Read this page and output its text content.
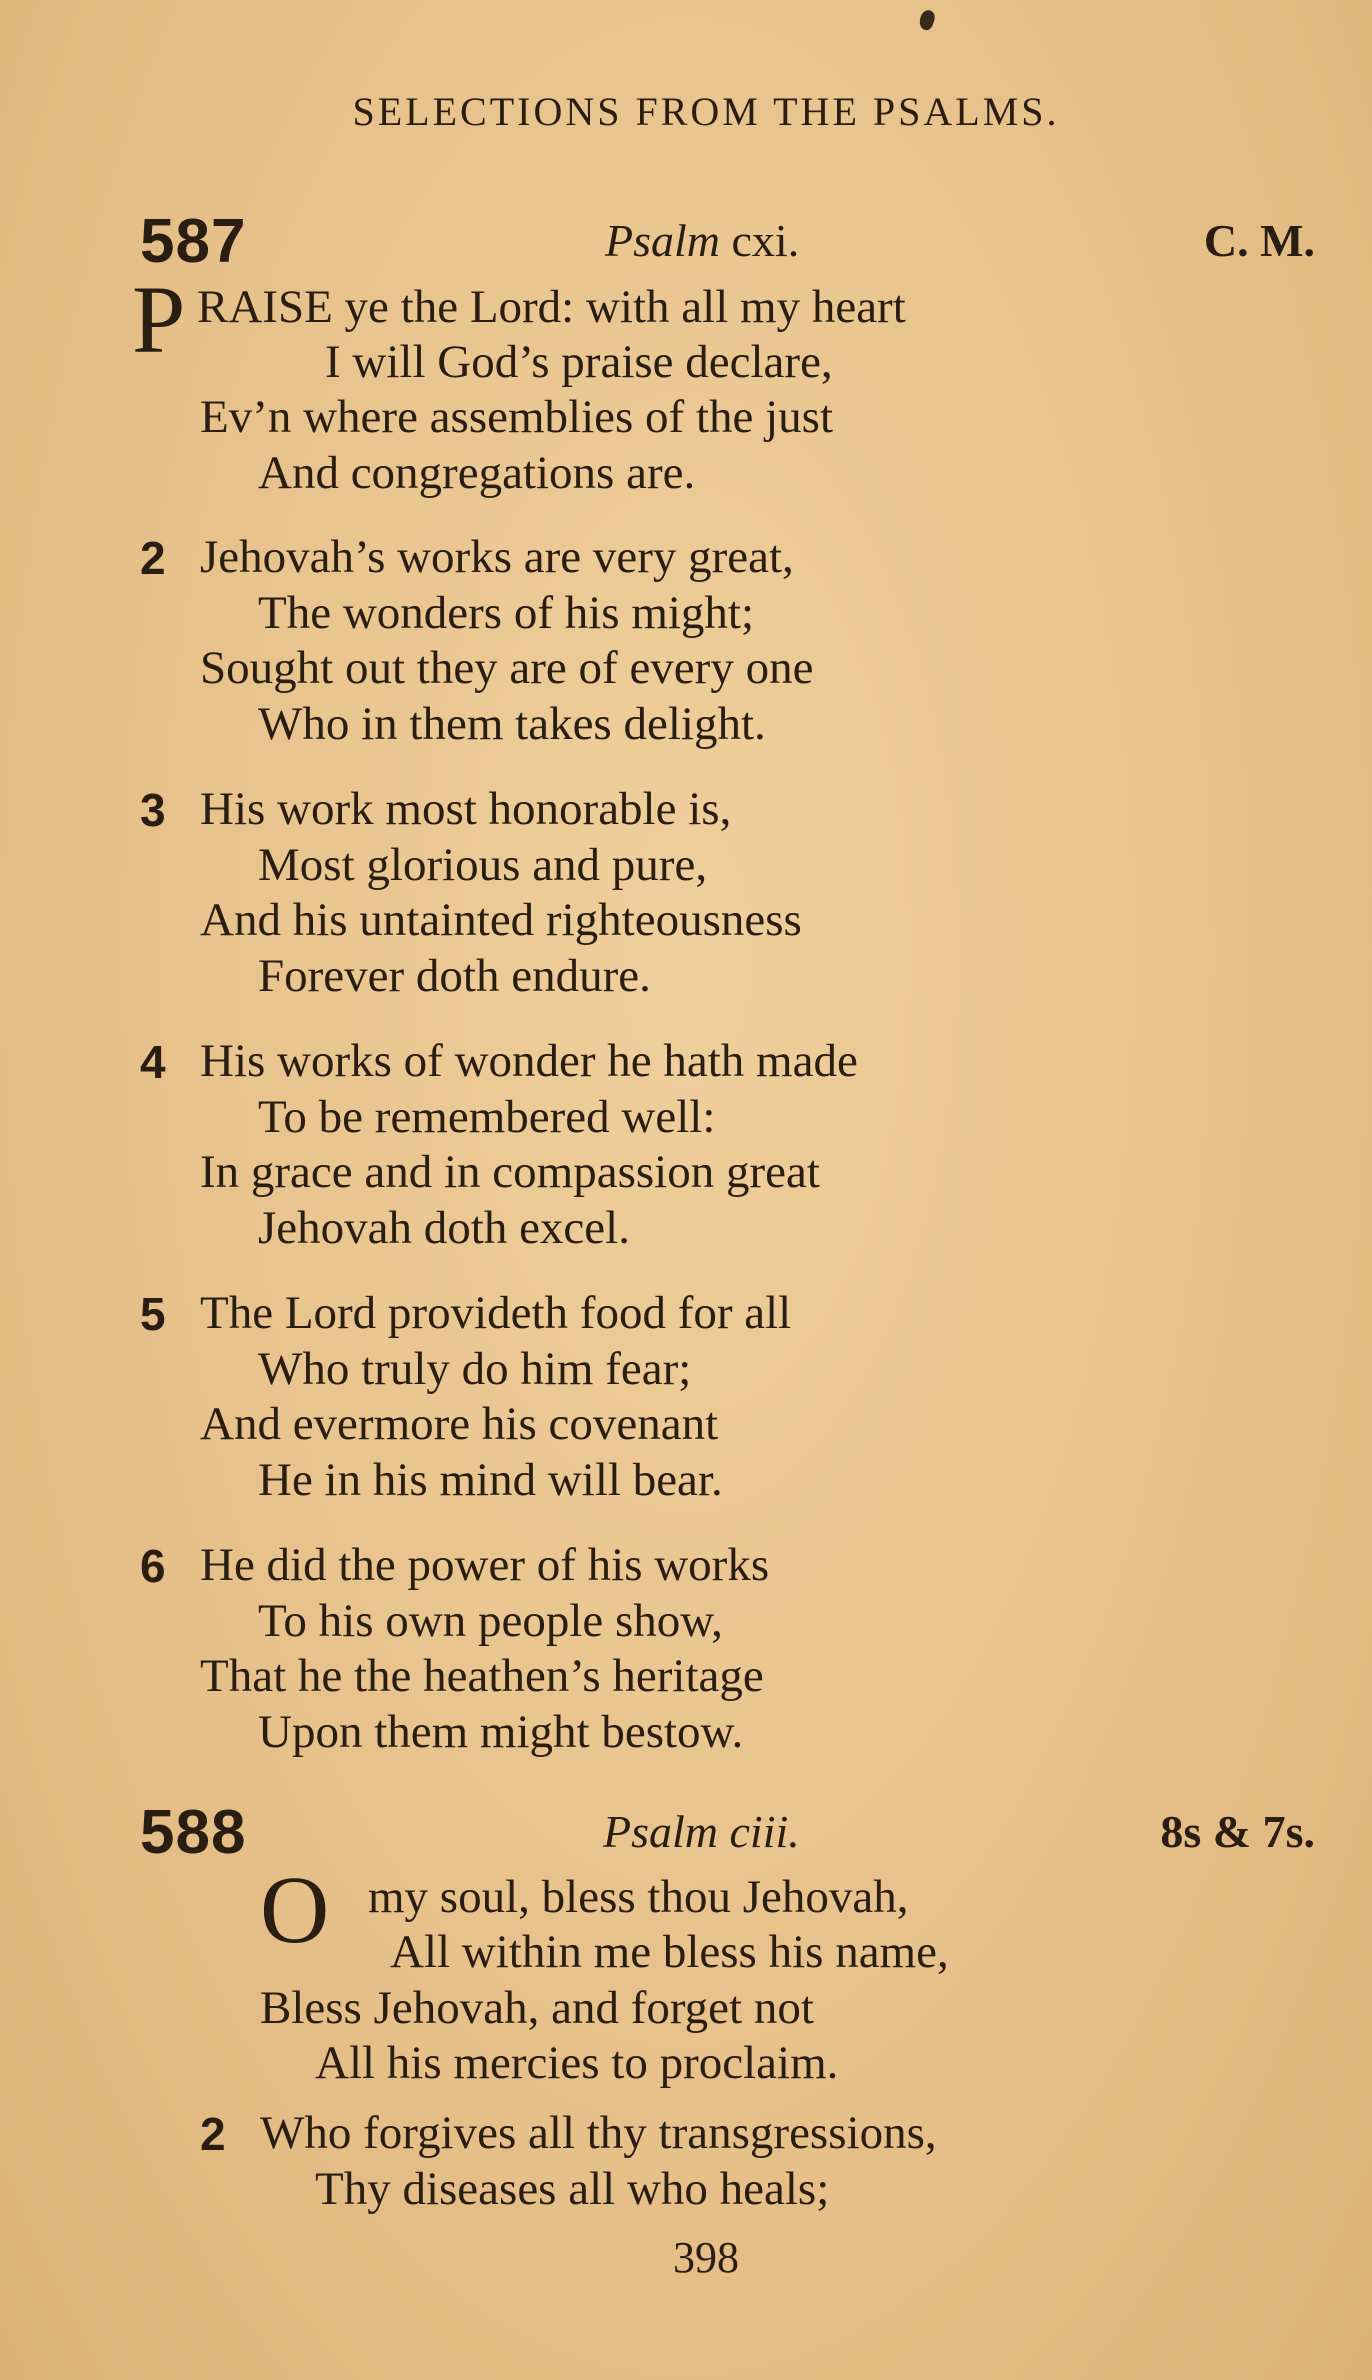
SELECTIONS FROM THE PSALMS.
587	Psalm cxi.	C. M.
P RAISE ye the Lord: with all my heart
I will God’s praise declare,
Ev’n where assemblies of the just
And congregations are.
2 Jehovah’s works are very great,
The wonders of his might;
Sought out they are of every one
Who in them takes delight.
3 His work most honorable is,
Most glorious and pure,
And his untainted righteousness
Forever doth endure.
4 His works of wonder he hath made
To be remembered well:
In grace and in compassion great
Jehovah doth excel.
5 The Lord provideth food for all
Who truly do him fear;
And evermore his covenant
He in his mind will bear.
6 He did the power of his works
To his own people show,
That he the heathen’s heritage
Upon them might bestow.
588	Psalm ciii.	8s & 7s.
O my soul, bless thou Jehovah,
All within me bless his name,
Bless Jehovah, and forget not
All his mercies to proclaim.
2 Who forgives all thy transgressions,
Thy diseases all who heals;
398
